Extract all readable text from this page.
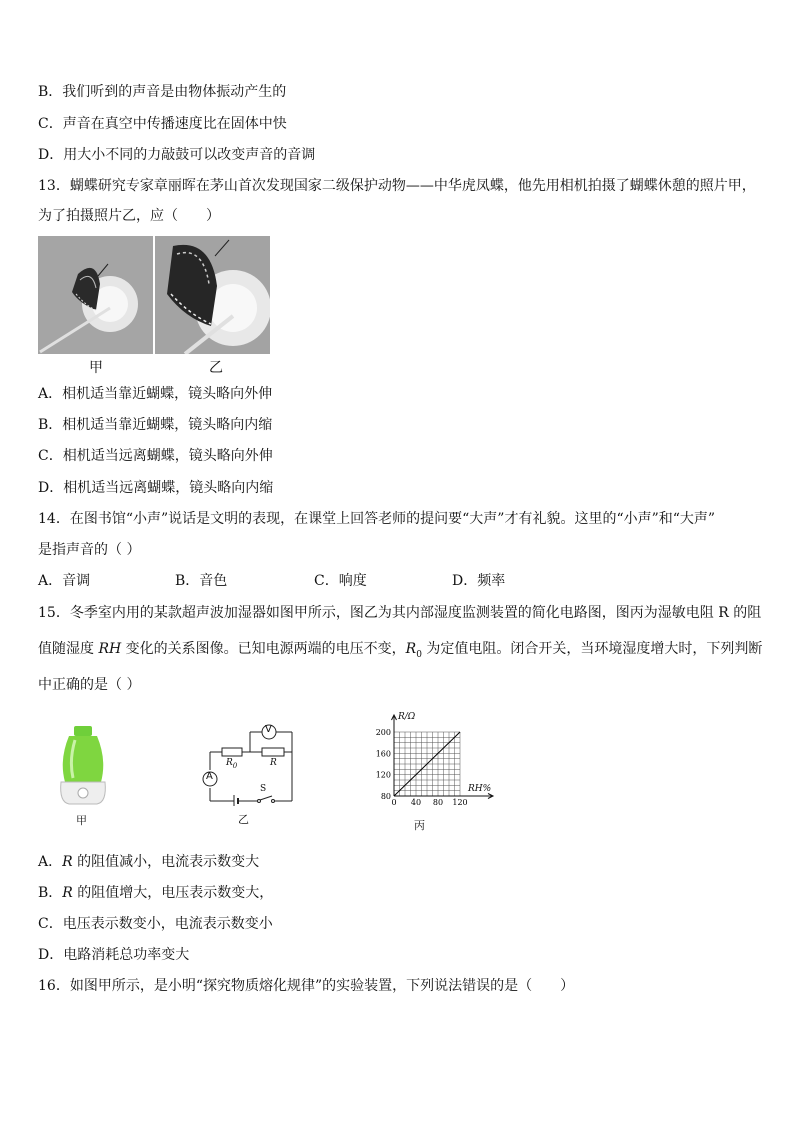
B．我们听到的声音是由物体振动产生的
C．声音在真空中传播速度比在固体中快
D．用大小不同的力敲鼓可以改变声音的音调
13．蝴蝶研究专家章丽晖在茅山首次发现国家二级保护动物——中华虎凤蝶，他先用相机拍摄了蝴蝶休憩的照片甲，
为了拍摄照片乙，应（　　）
甲	乙
A．相机适当靠近蝴蝶，镜头略向外伸
B．相机适当靠近蝴蝶，镜头略向内缩
C．相机适当远离蝴蝶，镜头略向外伸
D．相机适当远离蝴蝶，镜头略向内缩
14．在图书馆“小声”说话是文明的表现，在课堂上回答老师的提问要“大声”才有礼貌。这里的“小声”和“大声”
是指声音的（ ）
A．音调	B．音色	C．响度	D．频率
15．冬季室内用的某款超声波加湿器如图甲所示，图乙为其内部湿度监测装置的简化电路图，图丙为湿敏电阻 R 的阻
值随湿度 RH 变化的关系图像。已知电源两端的电压不变，$R_0$ 为定值电阻。闭合开关，当环境湿度增大时，下列判断
中正确的是（ ）
甲
V
A
$R_0$	R
S
乙
80
120
160
200
0 40 80 120
R/Ω
RH%
丙
A．R 的阻值减小，电流表示数变大
B．R 的阻值增大，电压表示数变大，
C．电压表示数变小，电流表示数变小
D．电路消耗总功率变大
16．如图甲所示，是小明“探究物质熔化规律”的实验装置，下列说法错误的是（　　）
